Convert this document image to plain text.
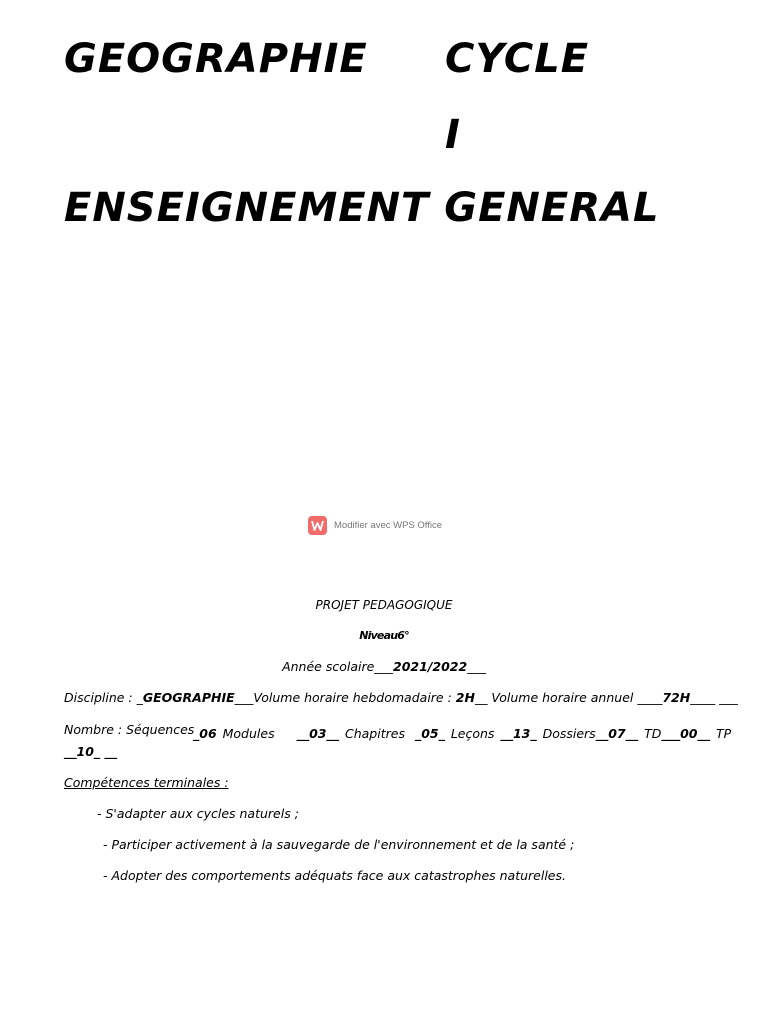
GEOGRAPHIE CYCLE
I
ENSEIGNEMENT GENERAL
Modifier avec WPS Office
PROJET PEDAGOGIQUE
Niveau6°
Année scolaire___2021/2022___
Discipline : _GEOGRAPHIE___Volume horaire hebdomadaire : 2H__ Volume horaire annuel ____72H____ ___
Nombre : Séquences
_06 Modules __03__ Chapitres _05_ Leçons __13_ Dossiers__07__ TD___00__ TP
__10_ __
Compétences terminales :
- S'adapter aux cycles naturels ;
- Participer activement à la sauvegarde de l'environnement et de la santé ;
- Adopter des comportements adéquats face aux catastrophes naturelles.
